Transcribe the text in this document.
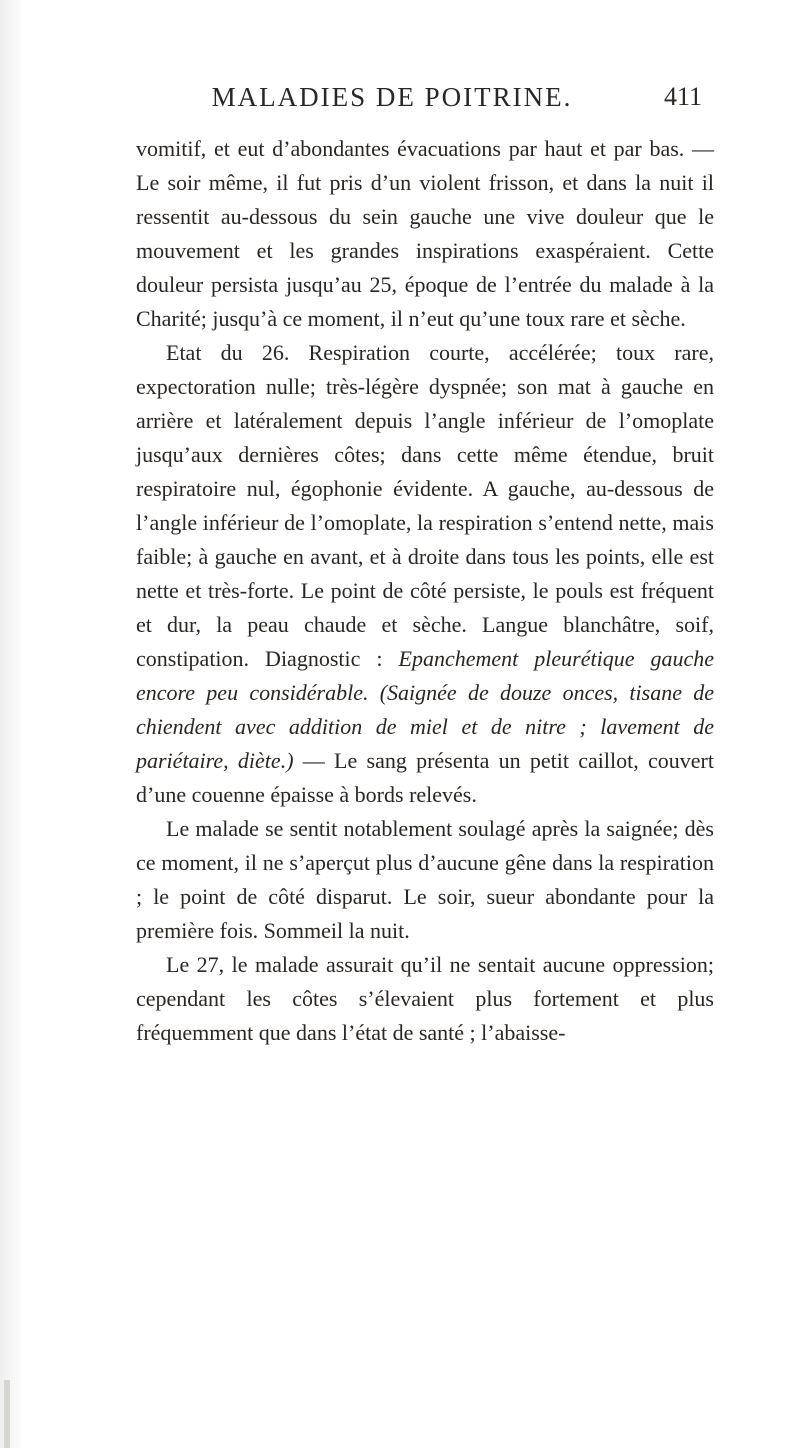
MALADIES DE POITRINE.	411

vomitif, et eut d’abondantes évacuations par haut et par bas. — Le soir même, il fut pris d’un violent frisson, et dans la nuit il ressentit au-dessous du sein gauche une vive douleur que le mouvement et les grandes inspirations exaspéraient. Cette douleur persista jusqu’au 25, époque de l’entrée du malade à la Charité; jusqu’à ce moment, il n’eut qu’une toux rare et sèche.

Etat du 26. Respiration courte, accélérée; toux rare, expectoration nulle; très-légère dyspnée; son mat à gauche en arrière et latéralement depuis l’angle inférieur de l’omoplate jusqu’aux dernières côtes; dans cette même étendue, bruit respiratoire nul, égophonie évidente. A gauche, au-dessous de l’angle inférieur de l’omoplate, la respiration s’entend nette, mais faible; à gauche en avant, et à droite dans tous les points, elle est nette et très-forte. Le point de côté persiste, le pouls est fréquent et dur, la peau chaude et sèche. Langue blanchâtre, soif, constipation. Diagnostic : Epanchement pleurétique gauche encore peu considérable. (Saignée de douze onces, tisane de chiendent avec addition de miel et de nitre ; lavement de pariétaire, diète.) — Le sang présenta un petit caillot, couvert d’une couenne épaisse à bords relevés.

Le malade se sentit notablement soulagé après la saignée; dès ce moment, il ne s’aperçut plus d’aucune gêne dans la respiration ; le point de côté disparut. Le soir, sueur abondante pour la première fois. Sommeil la nuit.

Le 27, le malade assurait qu’il ne sentait aucune oppression; cependant les côtes s’élevaient plus fortement et plus fréquemment que dans l’état de santé ; l’abaisse-
